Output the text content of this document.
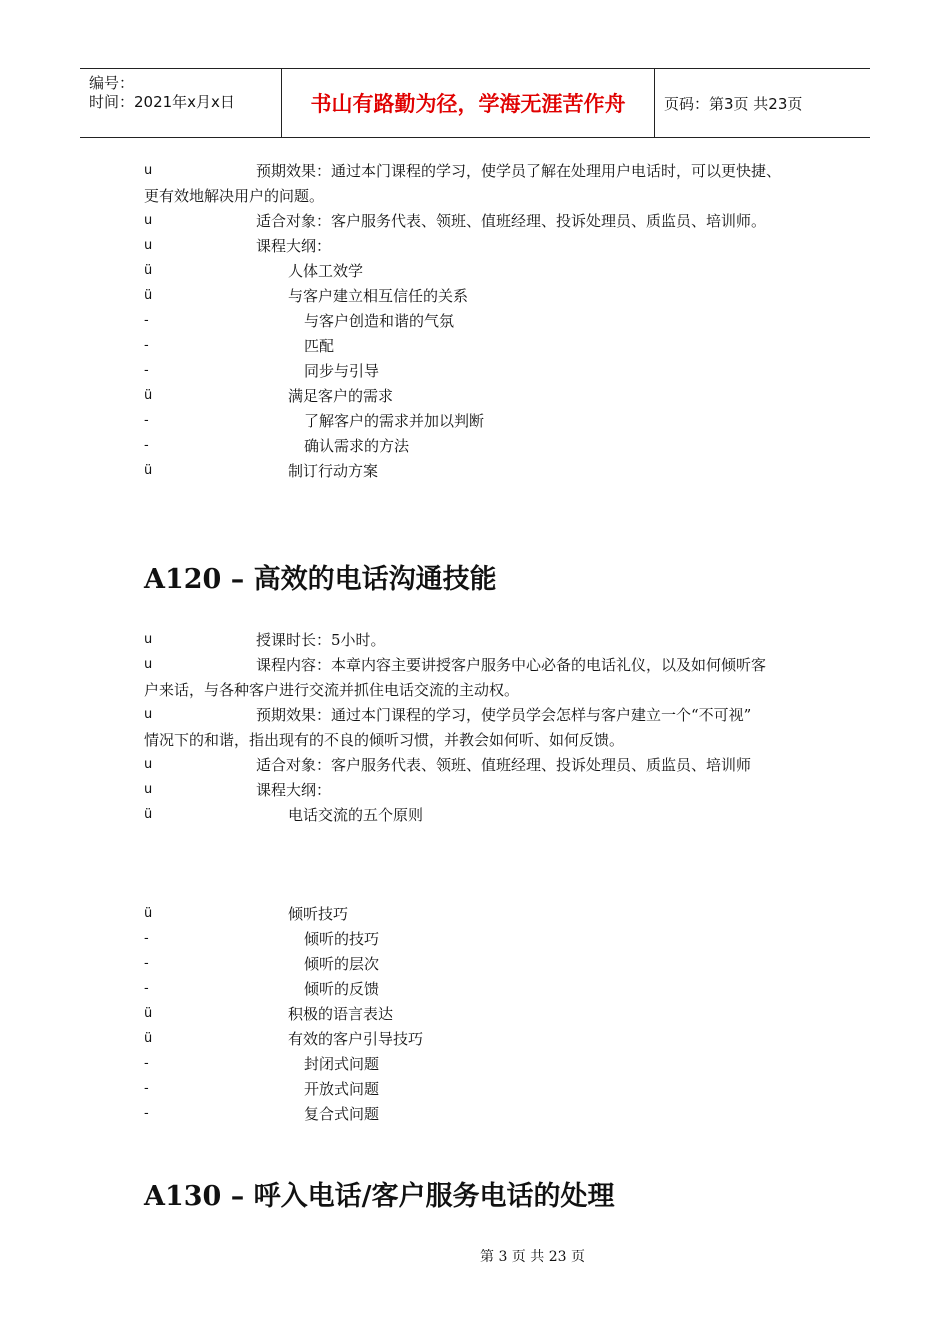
编号：
时间：2021年x月x日	书山有路勤为径，学海无涯苦作舟	页码：第3页 共23页
u	预期效果：通过本门课程的学习，使学员了解在处理用户电话时，可以更快捷、
更有效地解决用户的问题。
u	适合对象：客户服务代表、领班、值班经理、投诉处理员、质监员、培训师。
u	课程大纲：
ü	人体工效学
ü	与客户建立相互信任的关系
-	与客户创造和谐的气氛
-	匹配
-	同步与引导
ü	满足客户的需求
-	了解客户的需求并加以判断
-	确认需求的方法
ü	制订行动方案
A120 – 高效的电话沟通技能
u	授课时长：5小时。
u	课程内容：本章内容主要讲授客户服务中心必备的电话礼仪，以及如何倾听客
户来话，与各种客户进行交流并抓住电话交流的主动权。
u	预期效果：通过本门课程的学习，使学员学会怎样与客户建立一个“不可视”
情况下的和谐，指出现有的不良的倾听习惯，并教会如何听、如何反馈。
u	适合对象：客户服务代表、领班、值班经理、投诉处理员、质监员、培训师
u	课程大纲：
ü	电话交流的五个原则
ü	倾听技巧
-	倾听的技巧
-	倾听的层次
-	倾听的反馈
ü	积极的语言表达
ü	有效的客户引导技巧
-	封闭式问题
-	开放式问题
-	复合式问题
A130 – 呼入电话/客户服务电话的处理
第 3 页 共 23 页
